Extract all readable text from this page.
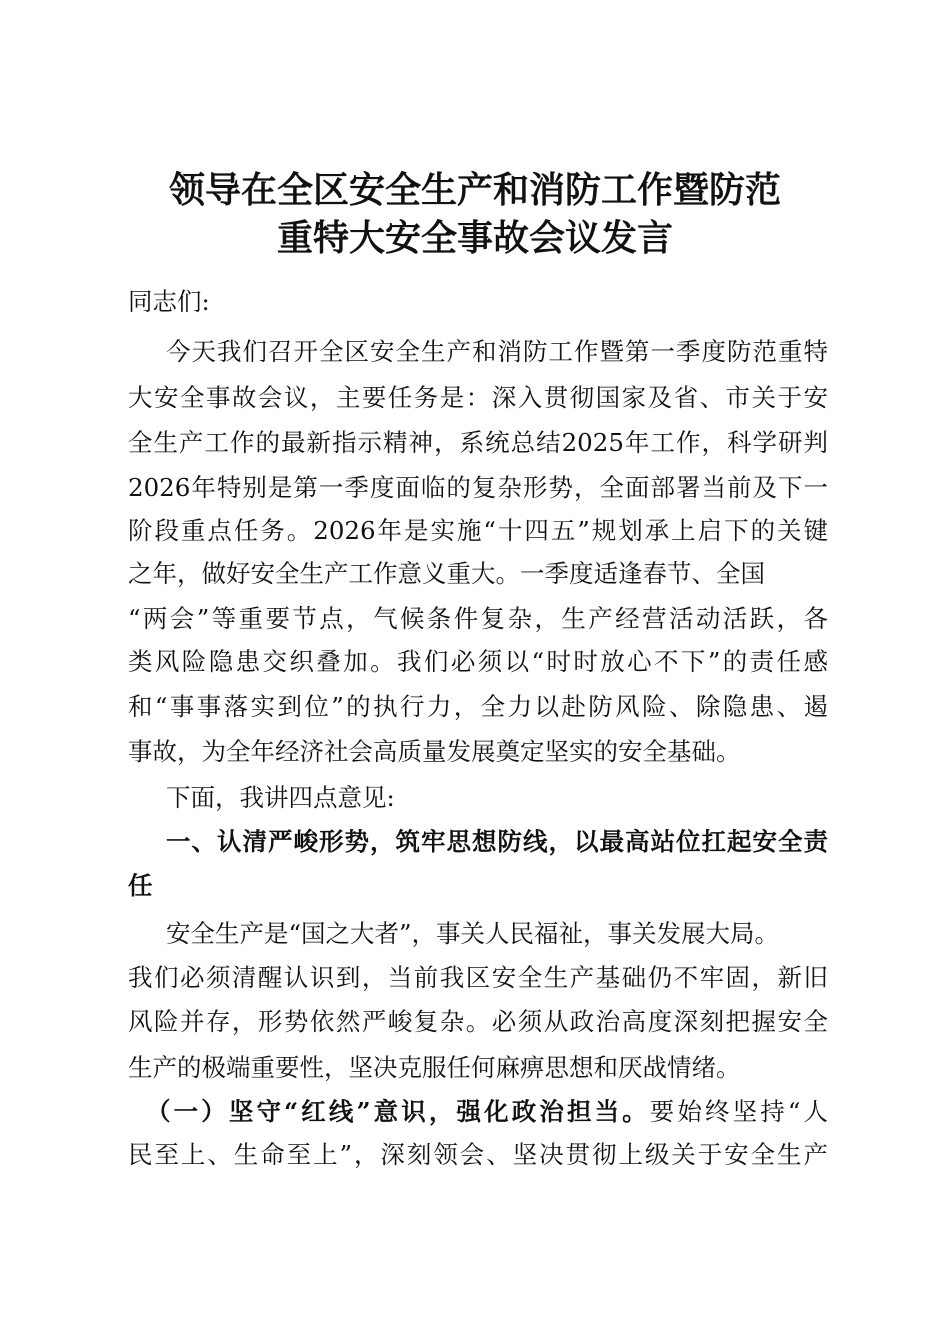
领导在全区安全生产和消防工作暨防范
重特大安全事故会议发言
同志们:
今天我们召开全区安全生产和消防工作暨第一季度防范重特
大安全事故会议，主要任务是：深入贯彻国家及省、市关于安
全生产工作的最新指示精神，系统总结2025年工作，科学研判
2026年特别是第一季度面临的复杂形势，全面部署当前及下一
阶段重点任务。2026年是实施“十四五”规划承上启下的关键
之年，做好安全生产工作意义重大。一季度适逢春节、全国
“两会”等重要节点，气候条件复杂，生产经营活动活跃，各
类风险隐患交织叠加。我们必须以“时时放心不下”的责任感
和“事事落实到位”的执行力，全力以赴防风险、除隐患、遏
事故，为全年经济社会高质量发展奠定坚实的安全基础。
下面，我讲四点意见:
一、认清严峻形势，筑牢思想防线，以最高站位扛起安全责
任
安全生产是“国之大者”，事关人民福祉，事关发展大局。
我们必须清醒认识到，当前我区安全生产基础仍不牢固，新旧
风险并存，形势依然严峻复杂。必须从政治高度深刻把握安全
生产的极端重要性，坚决克服任何麻痹思想和厌战情绪。
（一）坚守“红线”意识，强化政治担当。要始终坚持“人
民至上、生命至上”，深刻领会、坚决贯彻上级关于安全生产
